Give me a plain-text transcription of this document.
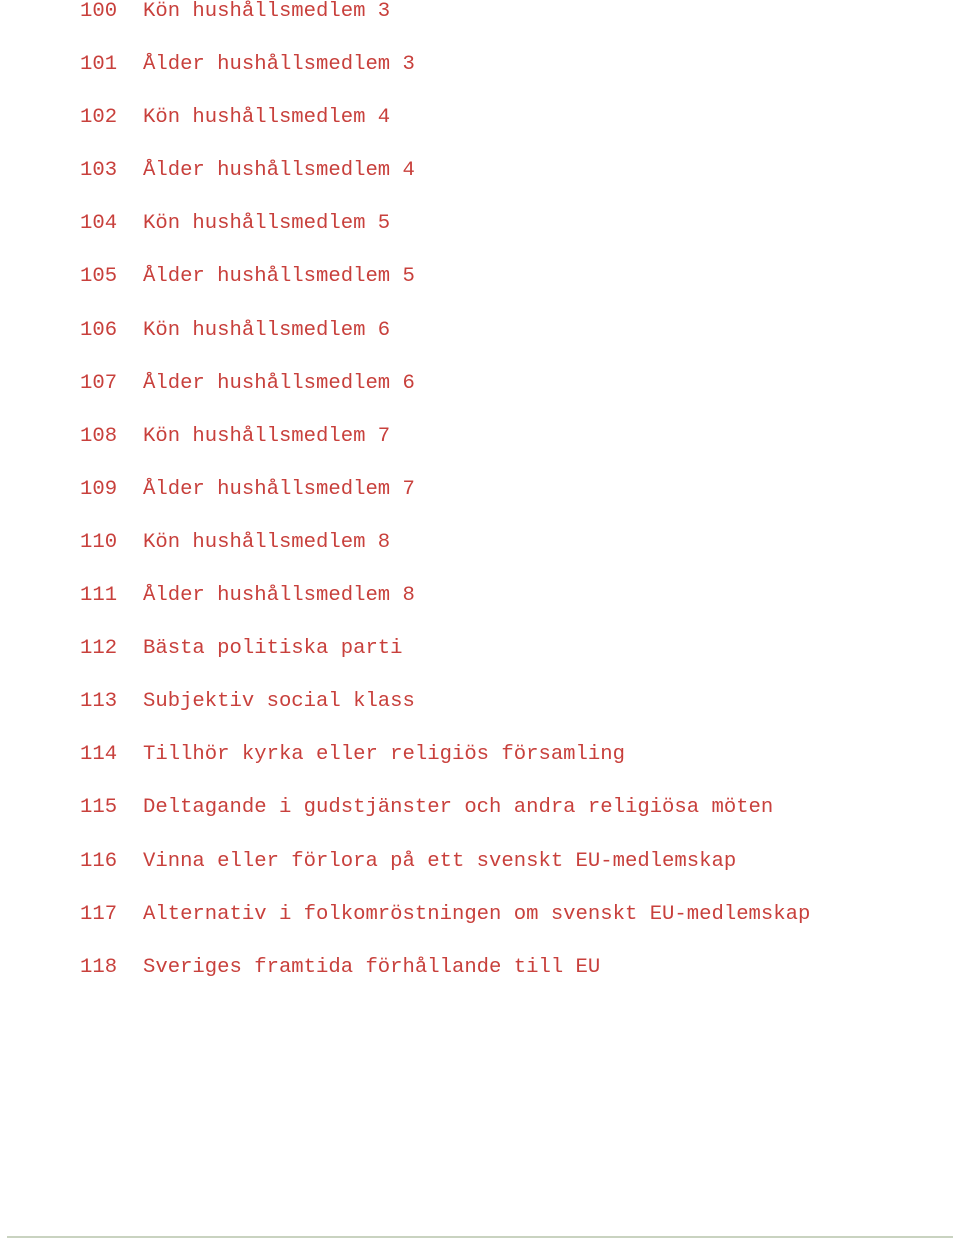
100	Kön hushållsmedlem 3
101	Ålder hushållsmedlem 3
102	Kön hushållsmedlem 4
103	Ålder hushållsmedlem 4
104	Kön hushållsmedlem 5
105	Ålder hushållsmedlem 5
106	Kön hushållsmedlem 6
107	Ålder hushållsmedlem 6
108	Kön hushållsmedlem 7
109	Ålder hushållsmedlem 7
110	Kön hushållsmedlem 8
111	Ålder hushållsmedlem 8
112	Bästa politiska parti
113	Subjektiv social klass
114	Tillhör kyrka eller religiös församling
115	Deltagande i gudstjänster och andra religiösa möten
116	Vinna eller förlora på ett svenskt EU-medlemskap
117	Alternativ i folkomröstningen om svenskt EU-medlemskap
118	Sveriges framtida förhållande till EU
